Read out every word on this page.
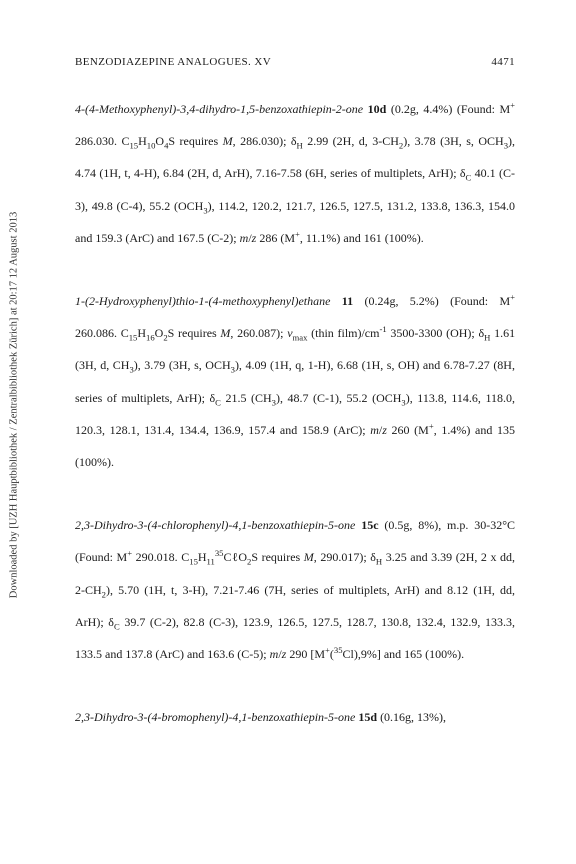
Downloaded by [UZH Hauptbibliothek / Zentralbibliothek Zürich] at 20:17 12 August 2013
BENZODIAZEPINE ANALOGUES. XV	4471

4-(4-Methoxyphenyl)-3,4-dihydro-1,5-benzoxathiepin-2-one 10d (0.2g, 4.4%) (Found: M+ 286.030. $C_{15}H_{10}O_4S$ requires M, 286.030); $\delta_H$ 2.99 (2H, d, $3-CH_2$), 3.78 (3H, s, $OCH_3$), 4.74 (1H, t, 4-H), 6.84 (2H, d, ArH), 7.16-7.58 (6H, series of multiplets, ArH); $\delta_C$ 40.1 (C-3), 49.8 (C-4), 55.2 $(OCH_3)$, 114.2, 120.2, 121.7, 126.5, 127.5, 131.2, 133.8, 136.3, 154.0 and 159.3 (ArC) and 167.5 (C-2); m/z 286 (M+, 11.1%) and 161 (100%).

1-(2-Hydroxyphenyl)thio-1-(4-methoxyphenyl)ethane 11 (0.24g, 5.2%) (Found: M+ 260.086. $C_{15}H_{16}O_2S$ requires M, 260.087); $\nu_{max}$ (thin $film)/cm^{-1}$ 3500-3300 (OH); $\delta_H$ 1.61 (3H, d, $CH_3$), 3.79 (3H, s, $OCH_3$), 4.09 (1H, q, 1-H), 6.68 (1H, s, OH) and 6.78-7.27 (8H, series of multiplets, ArH); $\delta_C$ 21.5 $(CH_3)$, 48.7 (C-1), 55.2 $(OCH_3)$, 113.8, 114.6, 118.0, 120.3, 128.1, 131.4, 134.4, 136.9, 157.4 and 158.9 (ArC); m/z 260 (M+, 1.4%) and 135 (100%).

2,3-Dihydro-3-(4-chlorophenyl)-4,1-benzoxathiepin-5-one 15c (0.5g, 8%), m.p. 30-32°C (Found: M+ 290.018. $C_{15}H_{11}^{35}C\ell O_2S$ requires M, 290.017); $\delta_H$ 3.25 and 3.39 (2H, 2 x dd, $2-CH_2$), 5.70 (1H, t, 3-H), 7.21-7.46 (7H, series of multiplets, ArH) and 8.12 (1H, dd, ArH); $\delta_C$ 39.7 (C-2), 82.8 (C-3), 123.9, 126.5, 127.5, 128.7, 130.8, 132.4, 132.9, 133.3, 133.5 and 137.8 (ArC) and 163.6 (C-5); m/z 290 [M+($^{35}$Cl),9%] and 165 (100%).

2,3-Dihydro-3-(4-bromophenyl)-4,1-benzoxathiepin-5-one 15d (0.16g, 13%),
